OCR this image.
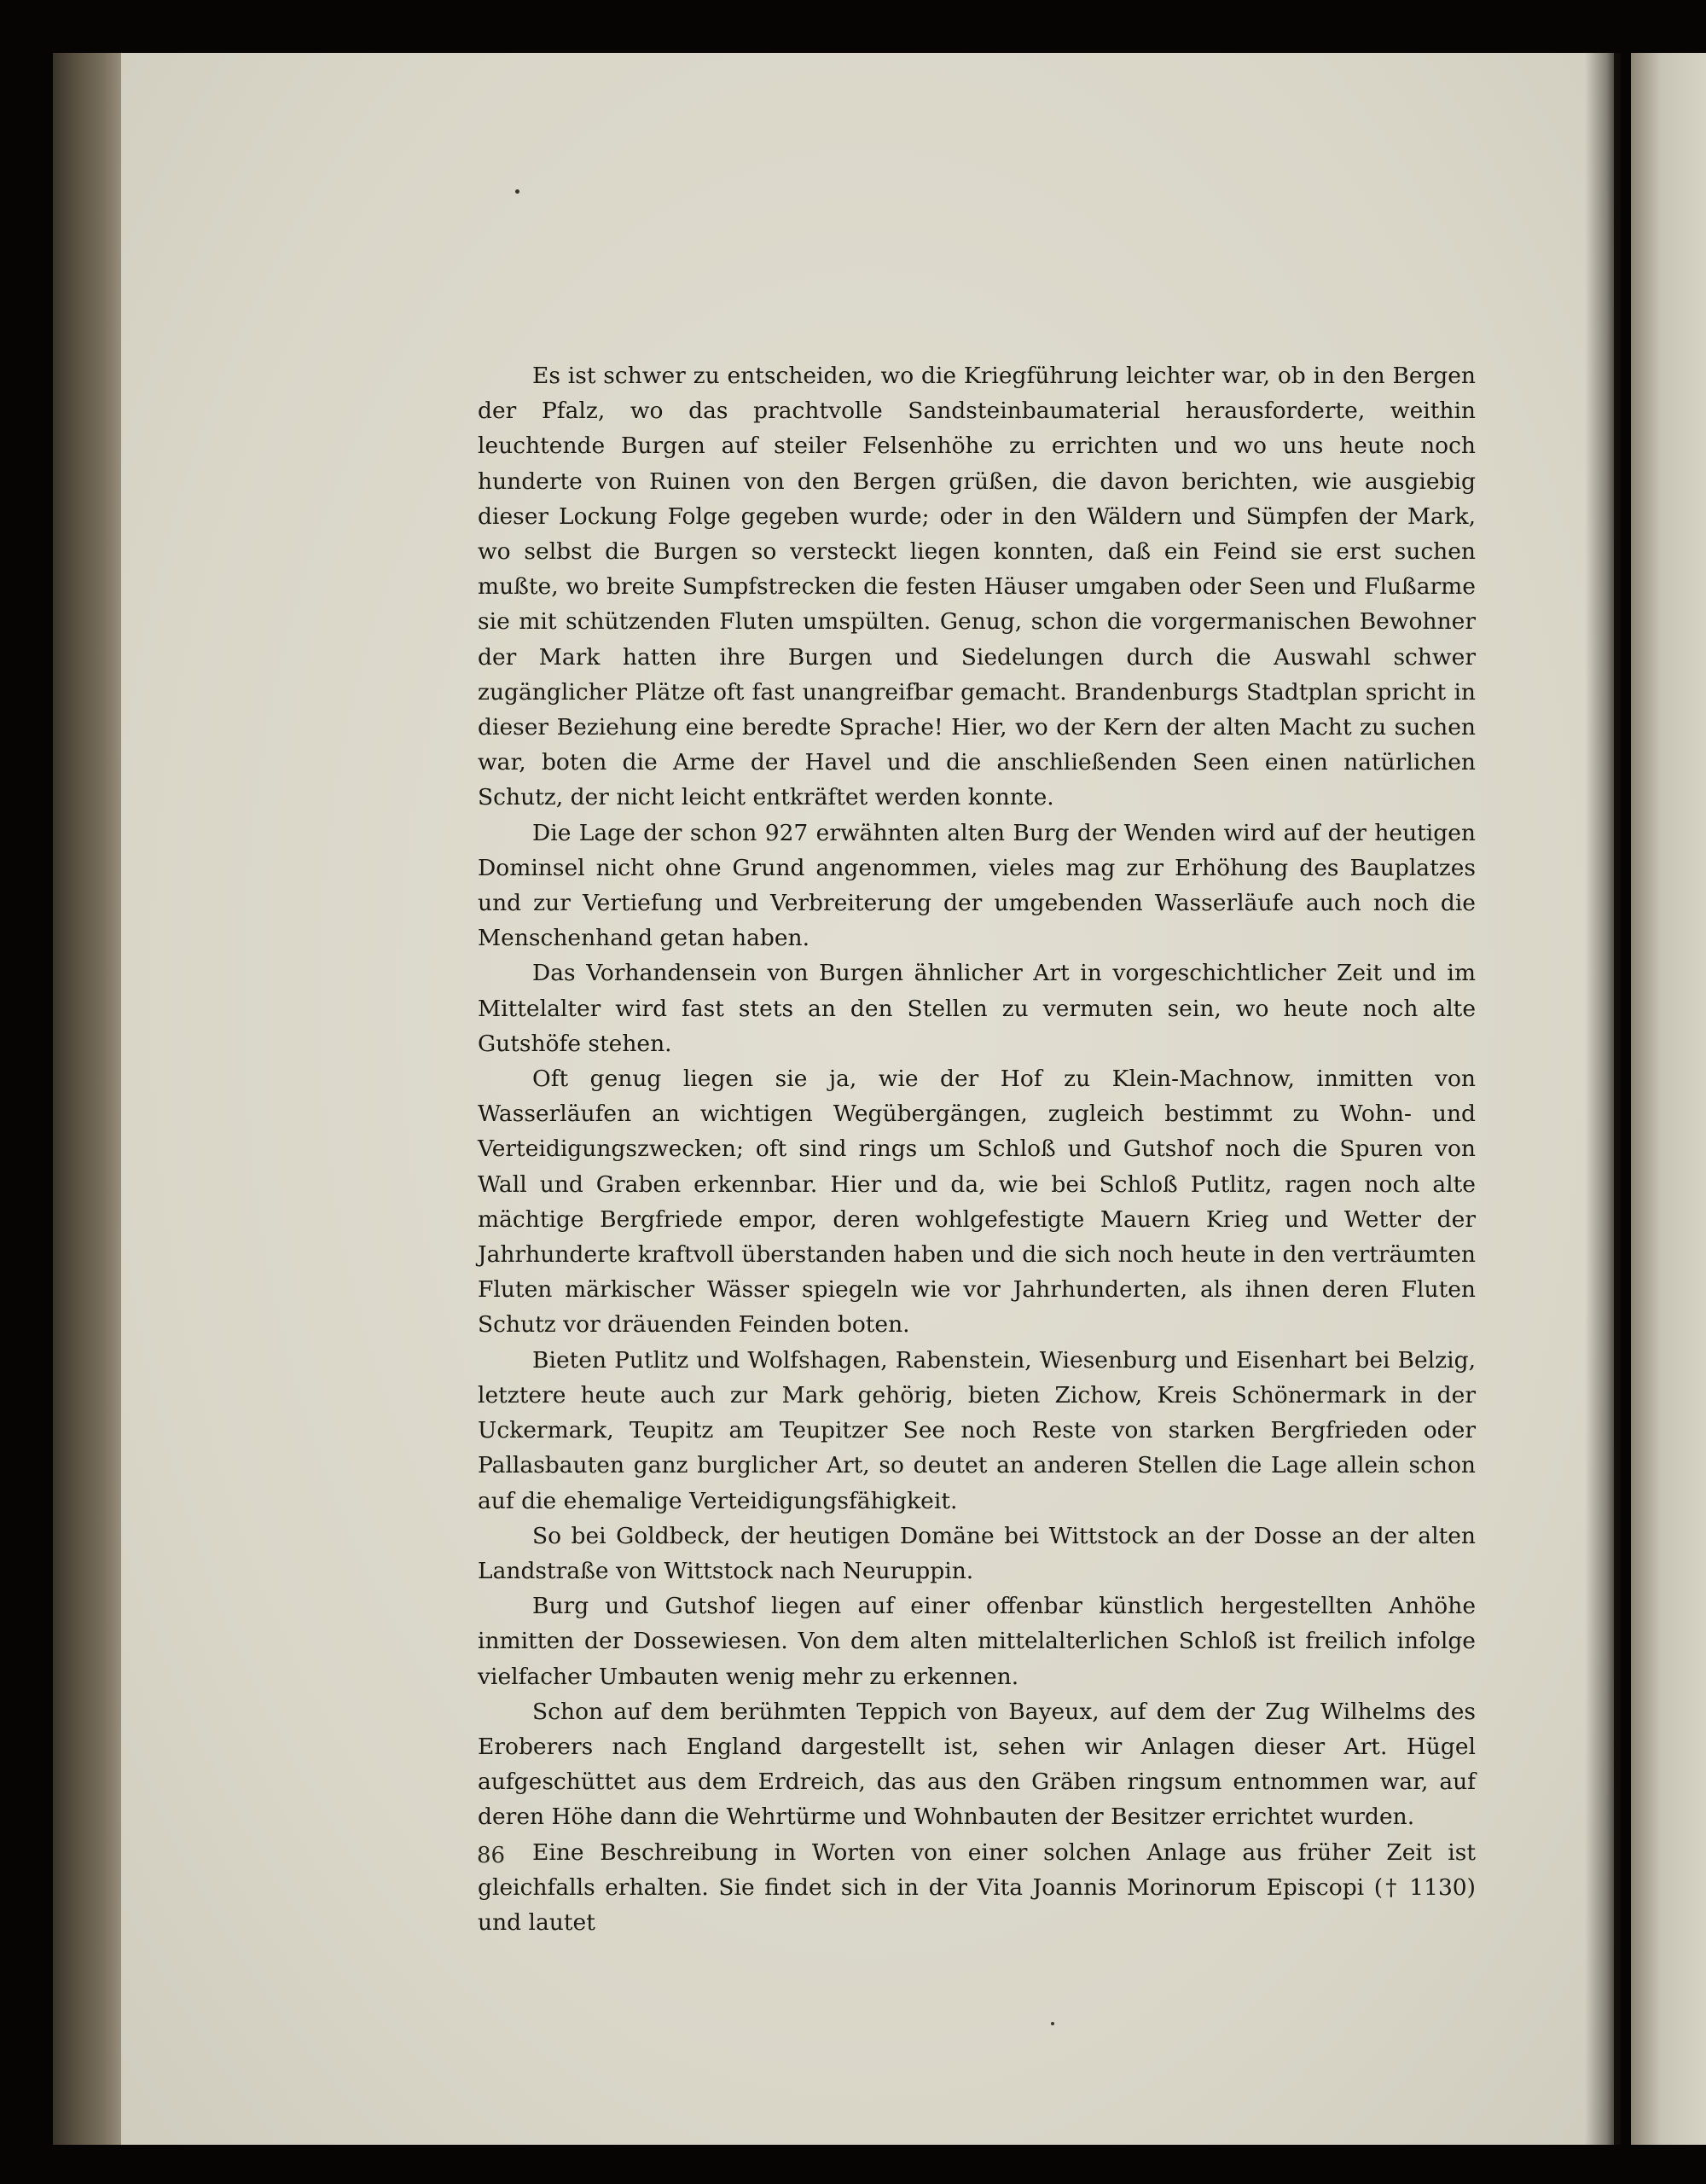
Es ist schwer zu entscheiden, wo die Kriegführung leichter war, ob in den Bergen der Pfalz, wo das prachtvolle Sandsteinbaumaterial herausforderte, weithin leuchtende Burgen auf steiler Felsenhöhe zu errichten und wo uns heute noch hunderte von Ruinen von den Bergen grüßen, die davon berichten, wie ausgiebig dieser Lockung Folge gegeben wurde; oder in den Wäldern und Sümpfen der Mark, wo selbst die Burgen so versteckt liegen konnten, daß ein Feind sie erst suchen mußte, wo breite Sumpfstrecken die festen Häuser umgaben oder Seen und Flußarme sie mit schützenden Fluten umspülten. Genug, schon die vorgermanischen Bewohner der Mark hatten ihre Burgen und Siedelungen durch die Auswahl schwer zugänglicher Plätze oft fast unangreifbar gemacht. Brandenburgs Stadtplan spricht in dieser Beziehung eine beredte Sprache! Hier, wo der Kern der alten Macht zu suchen war, boten die Arme der Havel und die anschließenden Seen einen natürlichen Schutz, der nicht leicht entkräftet werden konnte.

Die Lage der schon 927 erwähnten alten Burg der Wenden wird auf der heutigen Dominsel nicht ohne Grund angenommen, vieles mag zur Erhöhung des Bauplatzes und zur Vertiefung und Verbreiterung der umgebenden Wasserläufe auch noch die Menschenhand getan haben.

Das Vorhandensein von Burgen ähnlicher Art in vorgeschichtlicher Zeit und im Mittelalter wird fast stets an den Stellen zu vermuten sein, wo heute noch alte Gutshöfe stehen.

Oft genug liegen sie ja, wie der Hof zu Klein-Machnow, inmitten von Wasserläufen an wichtigen Wegübergängen, zugleich bestimmt zu Wohn- und Verteidigungszwecken; oft sind rings um Schloß und Gutshof noch die Spuren von Wall und Graben erkennbar. Hier und da, wie bei Schloß Putlitz, ragen noch alte mächtige Bergfriede empor, deren wohlgefestigte Mauern Krieg und Wetter der Jahrhunderte kraftvoll überstanden haben und die sich noch heute in den verträumten Fluten märkischer Wässer spiegeln wie vor Jahrhunderten, als ihnen deren Fluten Schutz vor dräuenden Feinden boten.

Bieten Putlitz und Wolfshagen, Rabenstein, Wiesenburg und Eisenhart bei Belzig, letztere heute auch zur Mark gehörig, bieten Zichow, Kreis Schönermark in der Uckermark, Teupitz am Teupitzer See noch Reste von starken Bergfrieden oder Pallasbauten ganz burglicher Art, so deutet an anderen Stellen die Lage allein schon auf die ehemalige Verteidigungsfähigkeit.

So bei Goldbeck, der heutigen Domäne bei Wittstock an der Dosse an der alten Landstraße von Wittstock nach Neuruppin.

Burg und Gutshof liegen auf einer offenbar künstlich hergestellten Anhöhe inmitten der Dossewiesen. Von dem alten mittelalterlichen Schloß ist freilich infolge vielfacher Umbauten wenig mehr zu erkennen.

Schon auf dem berühmten Teppich von Bayeux, auf dem der Zug Wilhelms des Eroberers nach England dargestellt ist, sehen wir Anlagen dieser Art. Hügel aufgeschüttet aus dem Erdreich, das aus den Gräben ringsum entnommen war, auf deren Höhe dann die Wehrtürme und Wohnbauten der Besitzer errichtet wurden.

Eine Beschreibung in Worten von einer solchen Anlage aus früher Zeit ist gleichfalls erhalten. Sie findet sich in der Vita Joannis Morinorum Episcopi († 1130) und lautet

86
